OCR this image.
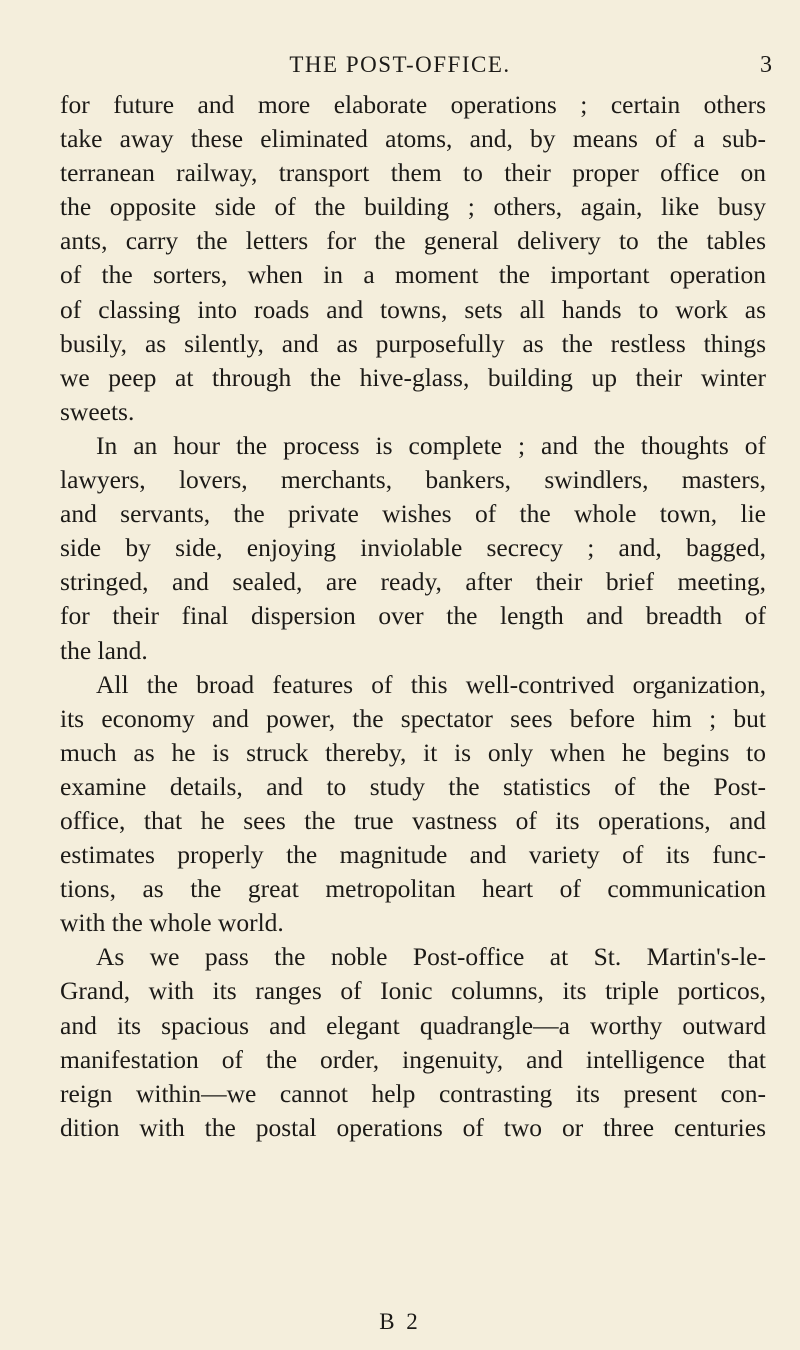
THE POST-OFFICE.	3
for future and more elaborate operations ; certain others
take away these eliminated atoms, and, by means of a sub-
terranean railway, transport them to their proper office on
the opposite side of the building ; others, again, like busy
ants, carry the letters for the general delivery to the tables
of the sorters, when in a moment the important operation
of classing into roads and towns, sets all hands to work as
busily, as silently, and as purposefully as the restless things
we peep at through the hive-glass, building up their winter
sweets.
In an hour the process is complete ; and the thoughts of
lawyers, lovers, merchants, bankers, swindlers, masters,
and servants, the private wishes of the whole town, lie
side by side, enjoying inviolable secrecy ; and, bagged,
stringed, and sealed, are ready, after their brief meeting,
for their final dispersion over the length and breadth of
the land.
All the broad features of this well-contrived organization,
its economy and power, the spectator sees before him ; but
much as he is struck thereby, it is only when he begins to
examine details, and to study the statistics of the Post-
office, that he sees the true vastness of its operations, and
estimates properly the magnitude and variety of its func-
tions, as the great metropolitan heart of communication
with the whole world.
As we pass the noble Post-office at St. Martin's-le-
Grand, with its ranges of Ionic columns, its triple porticos,
and its spacious and elegant quadrangle—a worthy outward
manifestation of the order, ingenuity, and intelligence that
reign within—we cannot help contrasting its present con-
dition with the postal operations of two or three centuries
B 2
